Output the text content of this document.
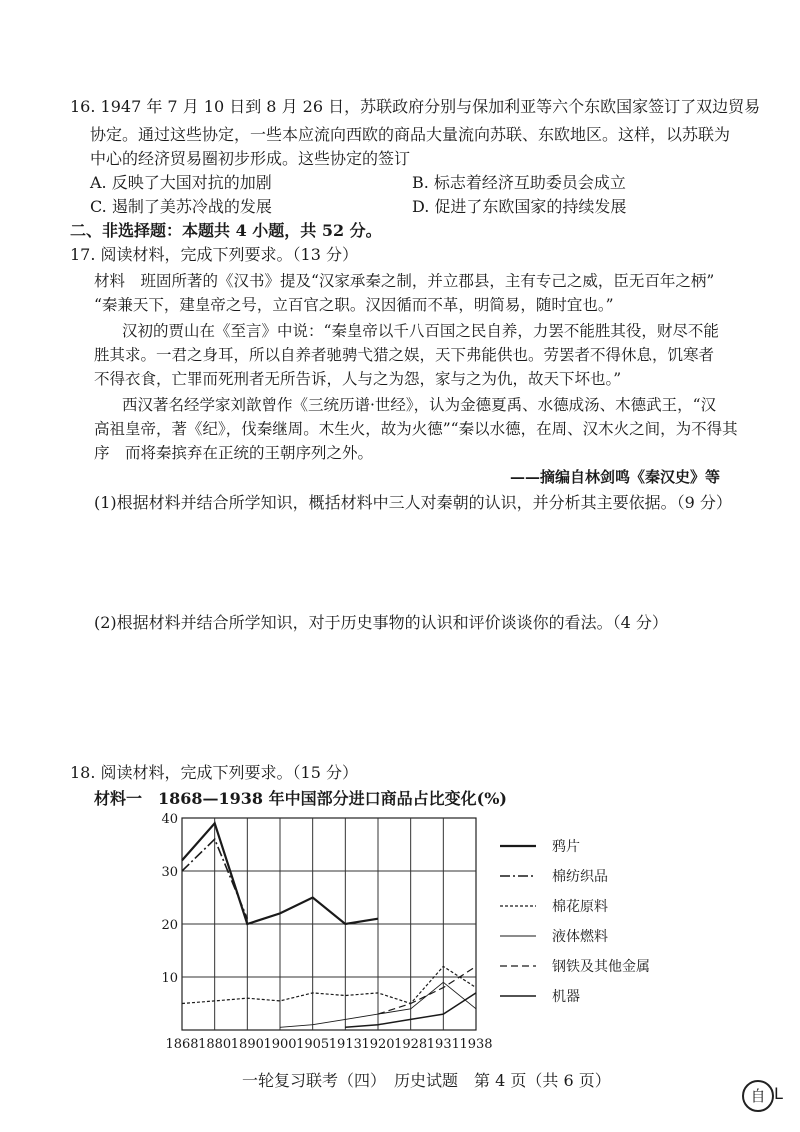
16. 1947 年 7 月 10 日到 8 月 26 日，苏联政府分别与保加利亚等六个东欧国家签订了双边贸易
协定。通过这些协定，一些本应流向西欧的商品大量流向苏联、东欧地区。这样，以苏联为
中心的经济贸易圈初步形成。这些协定的签订
A. 反映了大国对抗的加剧	B. 标志着经济互助委员会成立
C. 遏制了美苏冷战的发展	D. 促进了东欧国家的持续发展
二、非选择题：本题共 4 小题，共 52 分。
17. 阅读材料，完成下列要求。（13 分）
材料　班固所著的《汉书》提及“汉家承秦之制，并立郡县，主有专己之威，臣无百年之柄”
“秦兼天下，建皇帝之号，立百官之职。汉因循而不革，明简易，随时宜也。”
汉初的贾山在《至言》中说：“秦皇帝以千八百国之民自养，力罢不能胜其役，财尽不能
胜其求。一君之身耳，所以自养者驰骋弋猎之娱，天下弗能供也。劳罢者不得休息，饥寒者
不得衣食，亡罪而死刑者无所告诉，人与之为怨，家与之为仇，故天下坏也。”
西汉著名经学家刘歆曾作《三统历谱·世经》，认为金德夏禹、水德成汤、木德武王，“汉
高祖皇帝，著《纪》，伐秦继周。木生火，故为火德”“秦以水德，在周、汉木火之间，为不得其
序　而将秦摈弃在正统的王朝序列之外。
——摘编自林剑鸣《秦汉史》等
(1)根据材料并结合所学知识，概括材料中三人对秦朝的认识，并分析其主要依据。（9 分）
(2)根据材料并结合所学知识，对于历史事物的认识和评价谈谈你的看法。（4 分）
18. 阅读材料，完成下列要求。（15 分）
材料一 1868—1938 年中国部分进口商品占比变化(%)
40
30
20
10
1868 1880 1890 1900 1905 1913 1920 1928 1931 1938
鸦片
棉纺织品
棉花原料
液体燃料
钢铁及其他金属
机器
一轮复习联考（四）　历史试题　第 4 页（共 6 页）
自 L
